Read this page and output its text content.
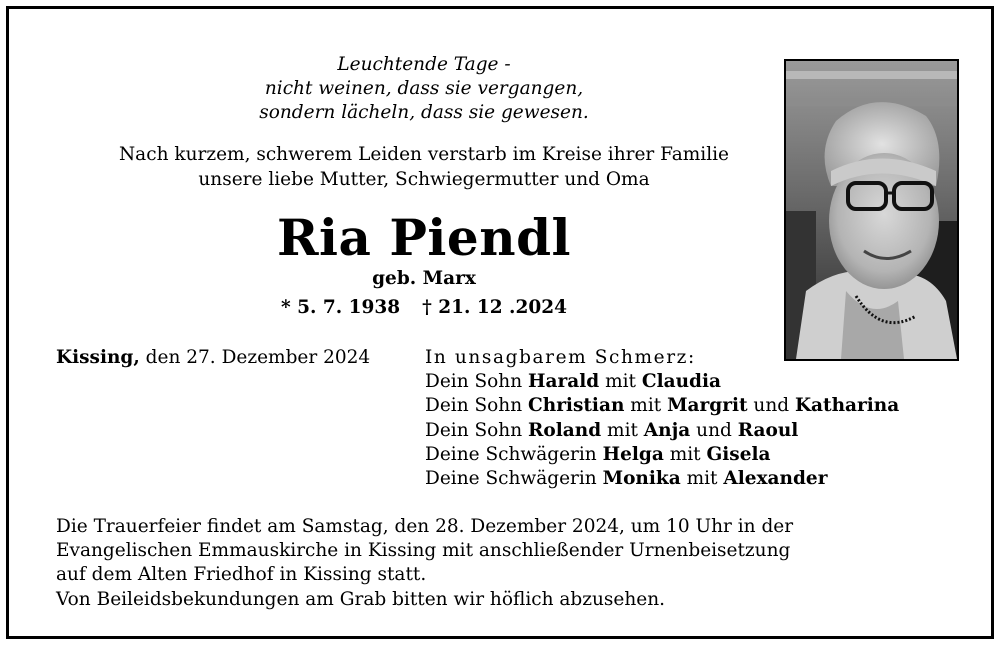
Leuchtende Tage -
nicht weinen, dass sie vergangen,
sondern lächeln, dass sie gewesen.
Nach kurzem, schwerem Leiden verstarb im Kreise ihrer Familie
unsere liebe Mutter, Schwiegermutter und Oma
Ria Piendl
geb. Marx
* 5. 7. 1938 † 21. 12 .2024
Kissing, den 27. Dezember 2024	In unsagbarem Schmerz:
Dein Sohn Harald mit Claudia
Dein Sohn Christian mit Margrit und Katharina
Dein Sohn Roland mit Anja und Raoul
Deine Schwägerin Helga mit Gisela
Deine Schwägerin Monika mit Alexander
Die Trauerfeier findet am Samstag, den 28. Dezember 2024, um 10 Uhr in der
Evangelischen Emmauskirche in Kissing mit anschließender Urnenbeisetzung
auf dem Alten Friedhof in Kissing statt.
Von Beileidsbekundungen am Grab bitten wir höflich abzusehen.
